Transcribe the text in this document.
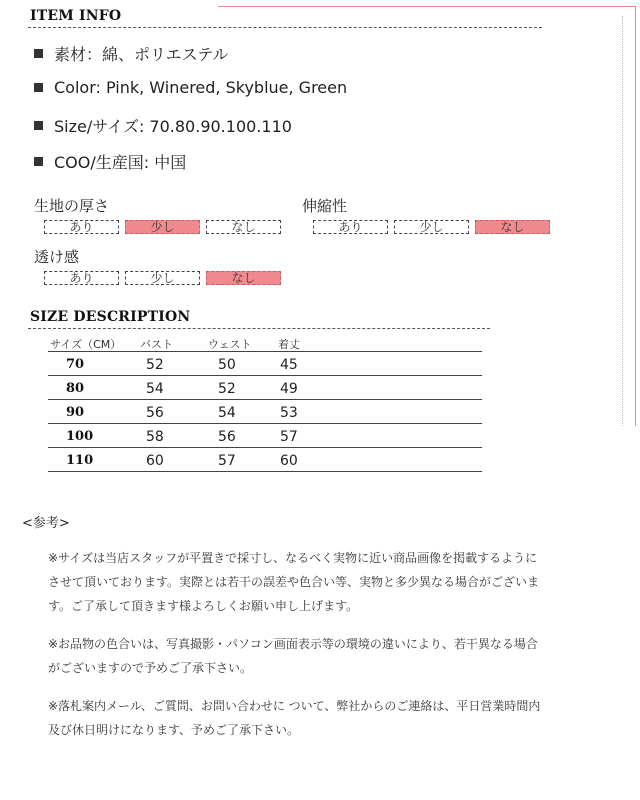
ITEM INFO
素材：綿、ポリエステル
Color: Pink, Winered, Skyblue, Green
Size/サイズ: 70.80.90.100.110
COO/生産国: 中国
生地の厚さ
あり	少し	なし
伸縮性
あり	少し	なし
透け感
あり	少し	なし
SIZE DESCRIPTION
サイズ（CM） バスト	ウェスト 着丈
70	52	50	45
80	54	52	49
90	56	54	53
100	58	56	57
110	60	57	60
<参考>
※サイズは当店スタッフが平置きで採寸し、なるべく実物に近い商品画像を掲載するようにさせて頂いております。実際とは若干の誤差や色合い等、実物と多少異なる場合がございます。ご了承して頂きます様よろしくお願い申し上げます。
※お品物の色合いは、写真撮影・パソコン画面表示等の環境の違いにより、若干異なる場合がございますので予めご了承下さい。
※落札案内メール、ご質問、お問い合わせに ついて、弊社からのご連絡は、平日営業時間内及び休日明けになります、予めご了承下さい。
